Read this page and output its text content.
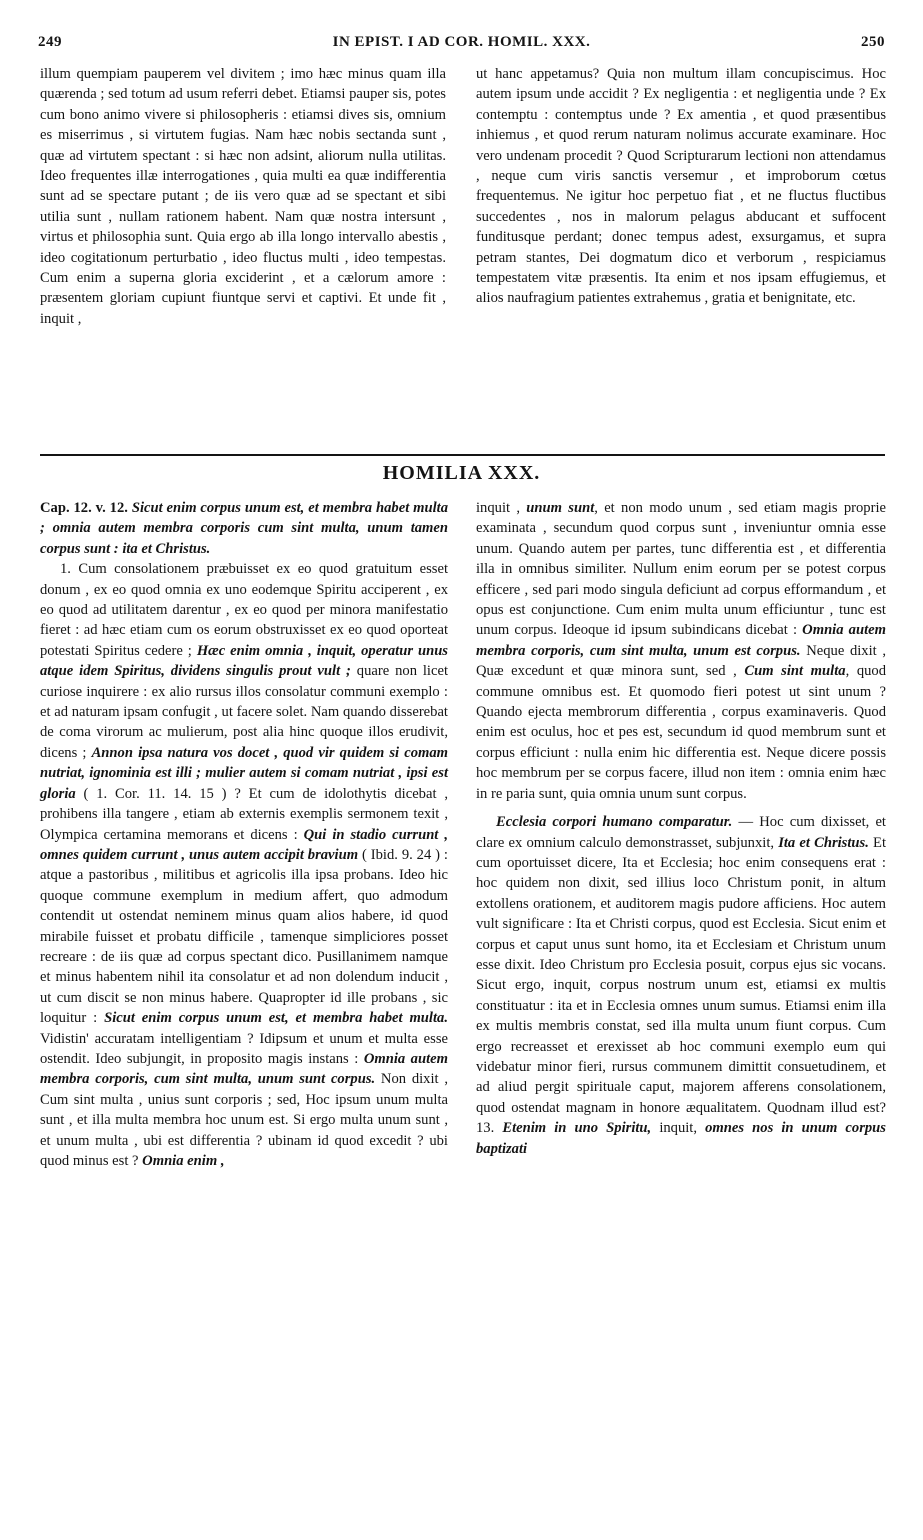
249	IN EPIST. I AD COR. HOMIL. XXX.	250

illum quempiam pauperem vel divitem ; imo hæc minus quam illa quærenda ; sed totum ad usum referri debet. Etiamsi pauper sis, potes cum bono animo vivere si philosopheris : etiamsi dives sis, omnium es miserrimus , si virtutem fugias. Nam hæc nobis sectanda sunt , quæ ad virtutem spectant : si hæc non adsint, aliorum nulla utilitas. Ideo frequentes illæ interrogationes , quia multi ea quæ indifferentia sunt ad se spectare putant ; de iis vero quæ ad se spectant et sibi utilia sunt , nullam rationem habent. Nam quæ nostra intersunt , virtus et philosophia sunt. Quia ergo ab illa longo intervallo abestis , ideo cogitationum perturbatio , ideo fluctus multi , ideo tempestas. Cum enim a superna gloria exciderint , et a cælorum amore : præsentem gloriam cupiunt fiuntque servi et captivi. Et unde fit , inquit ,

ut hanc appetamus? Quia non multum illam concupiscimus. Hoc autem ipsum unde accidit ? Ex negligentia : et negligentia unde ? Ex contemptu : contemptus unde ? Ex amentia , et quod præsentibus inhiemus , et quod rerum naturam nolimus accurate examinare. Hoc vero undenam procedit ? Quod Scripturarum lectioni non attendamus , neque cum viris sanctis versemur , et improborum cœtus frequentemus. Ne igitur hoc perpetuo fiat , et ne fluctus fluctibus succedentes , nos in malorum pelagus abducant et suffocent funditusque perdant; donec tempus adest, exsurgamus, et supra petram stantes, Dei dogmatum dico et verborum , respiciamus tempestatem vitæ præsentis. Ita enim et nos ipsam effugiemus, et alios naufragium patientes extrahemus , gratia et benignitate, etc.

HOMILIA XXX.

Cap. 12. v. 12. Sicut enim corpus unum est, et membra habet multa ; omnia autem membra corporis cum sint multa, unum tamen corpus sunt : ita et Christus.

1. Cum consolationem præbuisset ex eo quod gratuitum esset donum , ex eo quod omnia ex uno eodemque Spiritu acciperent , ex eo quod ad utilitatem darentur , ex eo quod per minora manifestatio fieret : ad hæc etiam cum os eorum obstruxisset ex eo quod oporteat potestati Spiritus cedere ; Hæc enim omnia , inquit, operatur unus atque idem Spiritus, dividens singulis prout vult ; quare non licet curiose inquirere : ex alio rursus illos consolatur communi exemplo : et ad naturam ipsam confugit , ut facere solet. Nam quando disserebat de coma virorum ac mulierum, post alia hinc quoque illos erudivit, dicens ; Annon ipsa natura vos docet , quod vir quidem si comam nutriat, ignominia est illi ; mulier autem si comam nutriat , ipsi est gloria ( 1. Cor. 11. 14. 15 ) ? Et cum de idolothytis dicebat , prohibens illa tangere , etiam ab externis exemplis sermonem texit , Olympica certamina memorans et dicens : Qui in stadio currunt , omnes quidem currunt , unus autem accipit bravium ( Ibid. 9. 24 ) : atque a pastoribus , militibus et agricolis illa ipsa probans. Ideo hic quoque commune exemplum in medium affert, quo admodum contendit ut ostendat neminem minus quam alios habere, id quod mirabile fuisset et probatu difficile , tamenque simpliciores posset recreare : de iis quæ ad corpus spectant dico. Pusillanimem namque et minus habentem nihil ita consolatur et ad non dolendum inducit , ut cum discit se non minus habere. Quapropter id ille probans , sic loquitur : Sicut enim corpus unum est, et membra habet multa. Vidistin' accuratam intelligentiam ? Idipsum et unum et multa esse ostendit. Ideo subjungit, in proposito magis instans : Omnia autem membra corporis, cum sint multa, unum sunt corpus. Non dixit , Cum sint multa , unius sunt corporis ; sed, Hoc ipsum unum multa sunt , et illa multa membra hoc unum est. Si ergo multa unum sunt , et unum multa , ubi est differentia ? ubinam id quod excedit ? ubi quod minus est ? Omnia enim ,

inquit , unum sunt, et non modo unum , sed etiam magis proprie examinata , secundum quod corpus sunt , inveniuntur omnia esse unum. Quando autem per partes, tunc differentia est , et differentia illa in omnibus similiter. Nullum enim eorum per se potest corpus efficere , sed pari modo singula deficiunt ad corpus efformandum , et opus est conjunctione. Cum enim multa unum efficiuntur , tunc est unum corpus. Ideoque id ipsum subindicans dicebat : Omnia autem membra corporis, cum sint multa, unum est corpus. Neque dixit , Quæ excedunt et quæ minora sunt, sed , Cum sint multa, quod commune omnibus est. Et quomodo fieri potest ut sint unum ? Quando ejecta membrorum differentia , corpus examinaveris. Quod enim est oculus, hoc et pes est, secundum id quod membrum sunt et corpus efficiunt : nulla enim hic differentia est. Neque dicere possis hoc membrum per se corpus facere, illud non item : omnia enim hæc in re paria sunt, quia omnia unum sunt corpus.

Ecclesia corpori humano comparatur. — Hoc cum dixisset, et clare ex omnium calculo demonstrasset, subjunxit, Ita et Christus. Et cum oportuisset dicere, Ita et Ecclesia; hoc enim consequens erat : hoc quidem non dixit, sed illius loco Christum ponit, in altum extollens orationem, et auditorem magis pudore afficiens. Hoc autem vult significare : Ita et Christi corpus, quod est Ecclesia. Sicut enim et corpus et caput unus sunt homo, ita et Ecclesiam et Christum unum esse dixit. Ideo Christum pro Ecclesia posuit, corpus ejus sic vocans. Sicut ergo, inquit, corpus nostrum unum est, etiamsi ex multis constituatur : ita et in Ecclesia omnes unum sumus. Etiamsi enim illa ex multis membris constat, sed illa multa unum fiunt corpus. Cum ergo recreasset et erexisset ab hoc communi exemplo eum qui videbatur minor fieri, rursus communem dimittit consuetudinem, et ad aliud pergit spirituale caput, majorem afferens consolationem, quod ostendat magnam in honore æqualitatem. Quodnam illud est? 13. Etenim in uno Spiritu, inquit, omnes nos in unum corpus baptizati
